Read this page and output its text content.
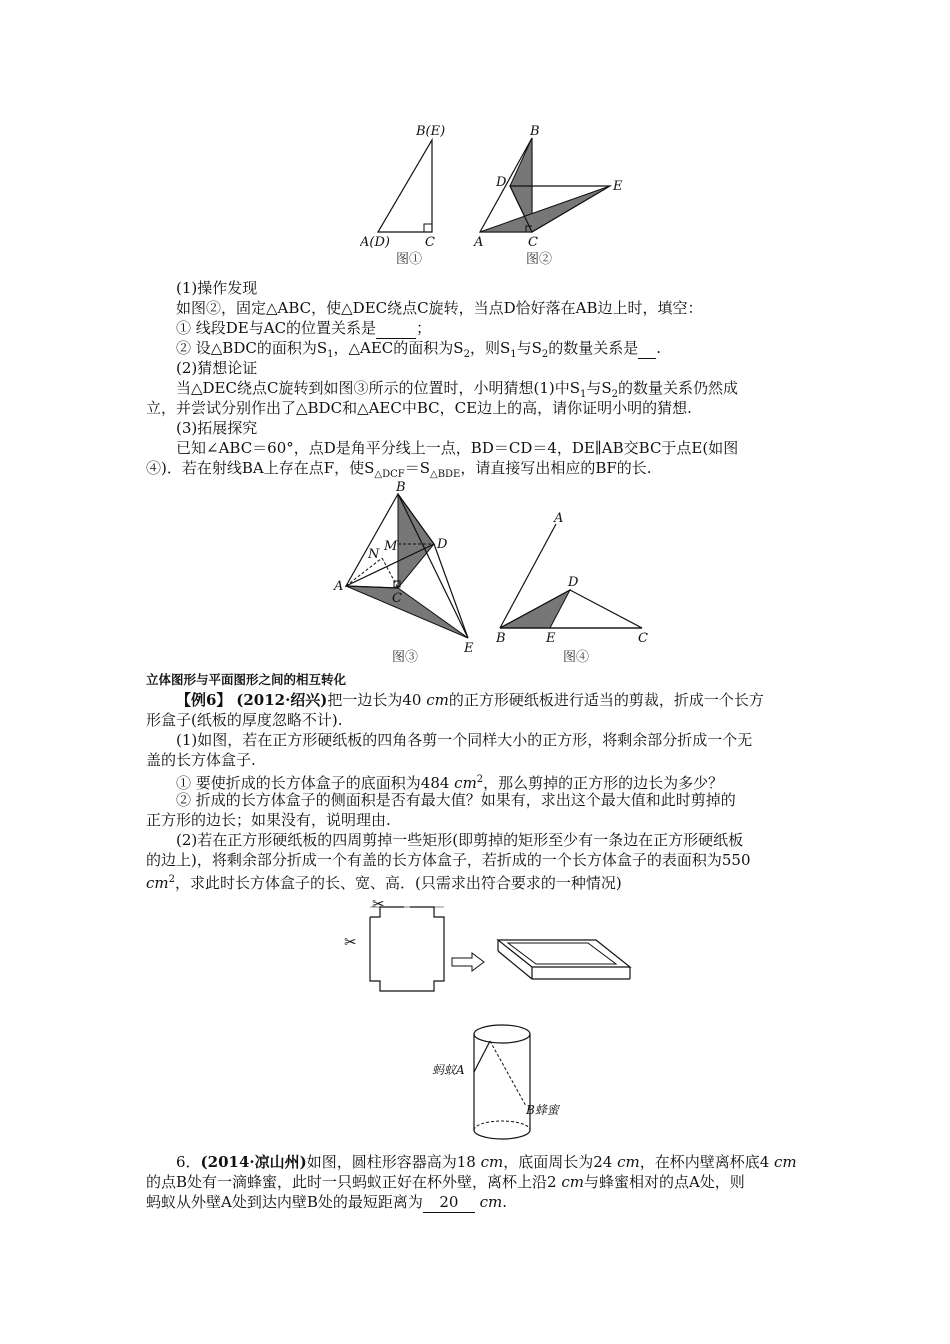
B(E)
A(D)	C
图①
B
D	E
A	C
图②
(1)操作发现
如图②，固定△ABC，使△DEC绕点C旋转，当点D恰好落在AB边上时，填空：
① 线段DE与AC的位置关系是	；
② 设△BDC的面积为$S_1$，△AEC的面积为$S_2$，则$S_1$与$S_2$的数量关系是 .
(2)猜想论证
当△DEC绕点C旋转到如图③所示的位置时，小明猜想(1)中$S_1$与$S_2$的数量关系仍然成
立，并尝试分别作出了△BDC和△AEC中BC，CE边上的高，请你证明小明的猜想.
(3)拓展探究
已知∠ABC＝60°，点D是角平分线上一点，BD＝CD＝4，DE∥AB交BC于点E(如图
④)．若在射线BA上存在点F，使$S_{\triangle DCF}=S_{\triangle BDE}$，请直接写出相应的BF的长.
B
M	D
N
A
C
E
图③
A
D
B	E	C
图④
立体图形与平面图形之间的相互转化
【例6】 (2012·绍兴)把一边长为40 cm的正方形硬纸板进行适当的剪裁，折成一个长方
形盒子(纸板的厚度忽略不计).
(1)如图，若在正方形硬纸板的四角各剪一个同样大小的正方形，将剩余部分折成一个无
盖的长方体盒子.
① 要使折成的长方体盒子的底面积为484 $cm^2$，那么剪掉的正方形的边长为多少？
② 折成的长方体盒子的侧面积是否有最大值？如果有，求出这个最大值和此时剪掉的
正方形的边长；如果没有，说明理由.
(2)若在正方形硬纸板的四周剪掉一些矩形(即剪掉的矩形至少有一条边在正方形硬纸板
的边上)，将剩余部分折成一个有盖的长方体盒子，若折成的一个长方体盒子的表面积为550
$cm^2$，求此时长方体盒子的长、宽、高．(只需求出符合要求的一种情况)
✂
✂
蚂蚁A
B蜂蜜
6．(2014·凉山州)如图，圆柱形容器高为18 cm，底面周长为24 cm，在杯内壁离杯底4 cm
的点B处有一滴蜂蜜，此时一只蚂蚁正好在杯外壁，离杯上沿2 cm与蜂蜜相对的点A处，则
蚂蚁从外壁A处到达内壁B处的最短距离为 20 cm.
